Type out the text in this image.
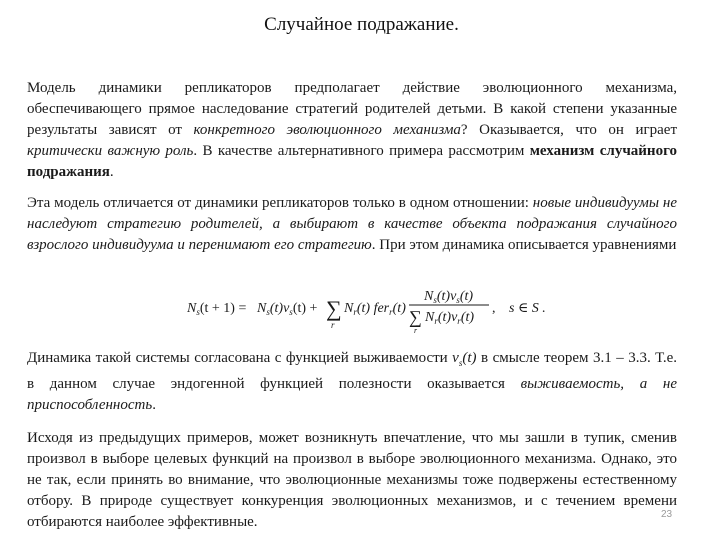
Случайное подражание.
Модель динамики репликаторов предполагает действие эволюционного механизма, обеспечивающего прямое наследование стратегий родителей детьми. В какой степени указанные результаты зависят от конкретного эволюционного механизма? Оказывается, что он играет критически важную роль. В качестве альтернативного примера рассмотрим механизм случайного подражания.
Эта модель отличается от динамики репликаторов только в одном отношении: новые индивидуумы не наследуют стратегию родителей, а выбирают в качестве объекта подражания случайного взрослого индивидуума и перенимают его стратегию. При этом динамика описывается уравнениями
$N_s(t + 1) = N_s(t)v_s(t)$ + ∑
r
$N_r(t)$ fer$_r$(t)
$N_s(t)v_s(t)$
∑
r
$N_r(t)v_r(t)$
, s ∈ S .
Динамика такой системы согласована с функцией выживаемости $v_s(t)$ в смысле теорем 3.1 – 3.3. Т.е. в данном случае эндогенной функцией полезности оказывается выживаемость, а не приспособленность.
Исходя из предыдущих примеров, может возникнуть впечатление, что мы зашли в тупик, сменив произвол в выборе целевых функций на произвол в выборе эволюционного механизма. Однако, это не так, если принять во внимание, что эволюционные механизмы тоже подвержены естественному отбору. В природе существует конкуренция эволюционных механизмов, и с течением времени отбираются наиболее эффективные.	23
